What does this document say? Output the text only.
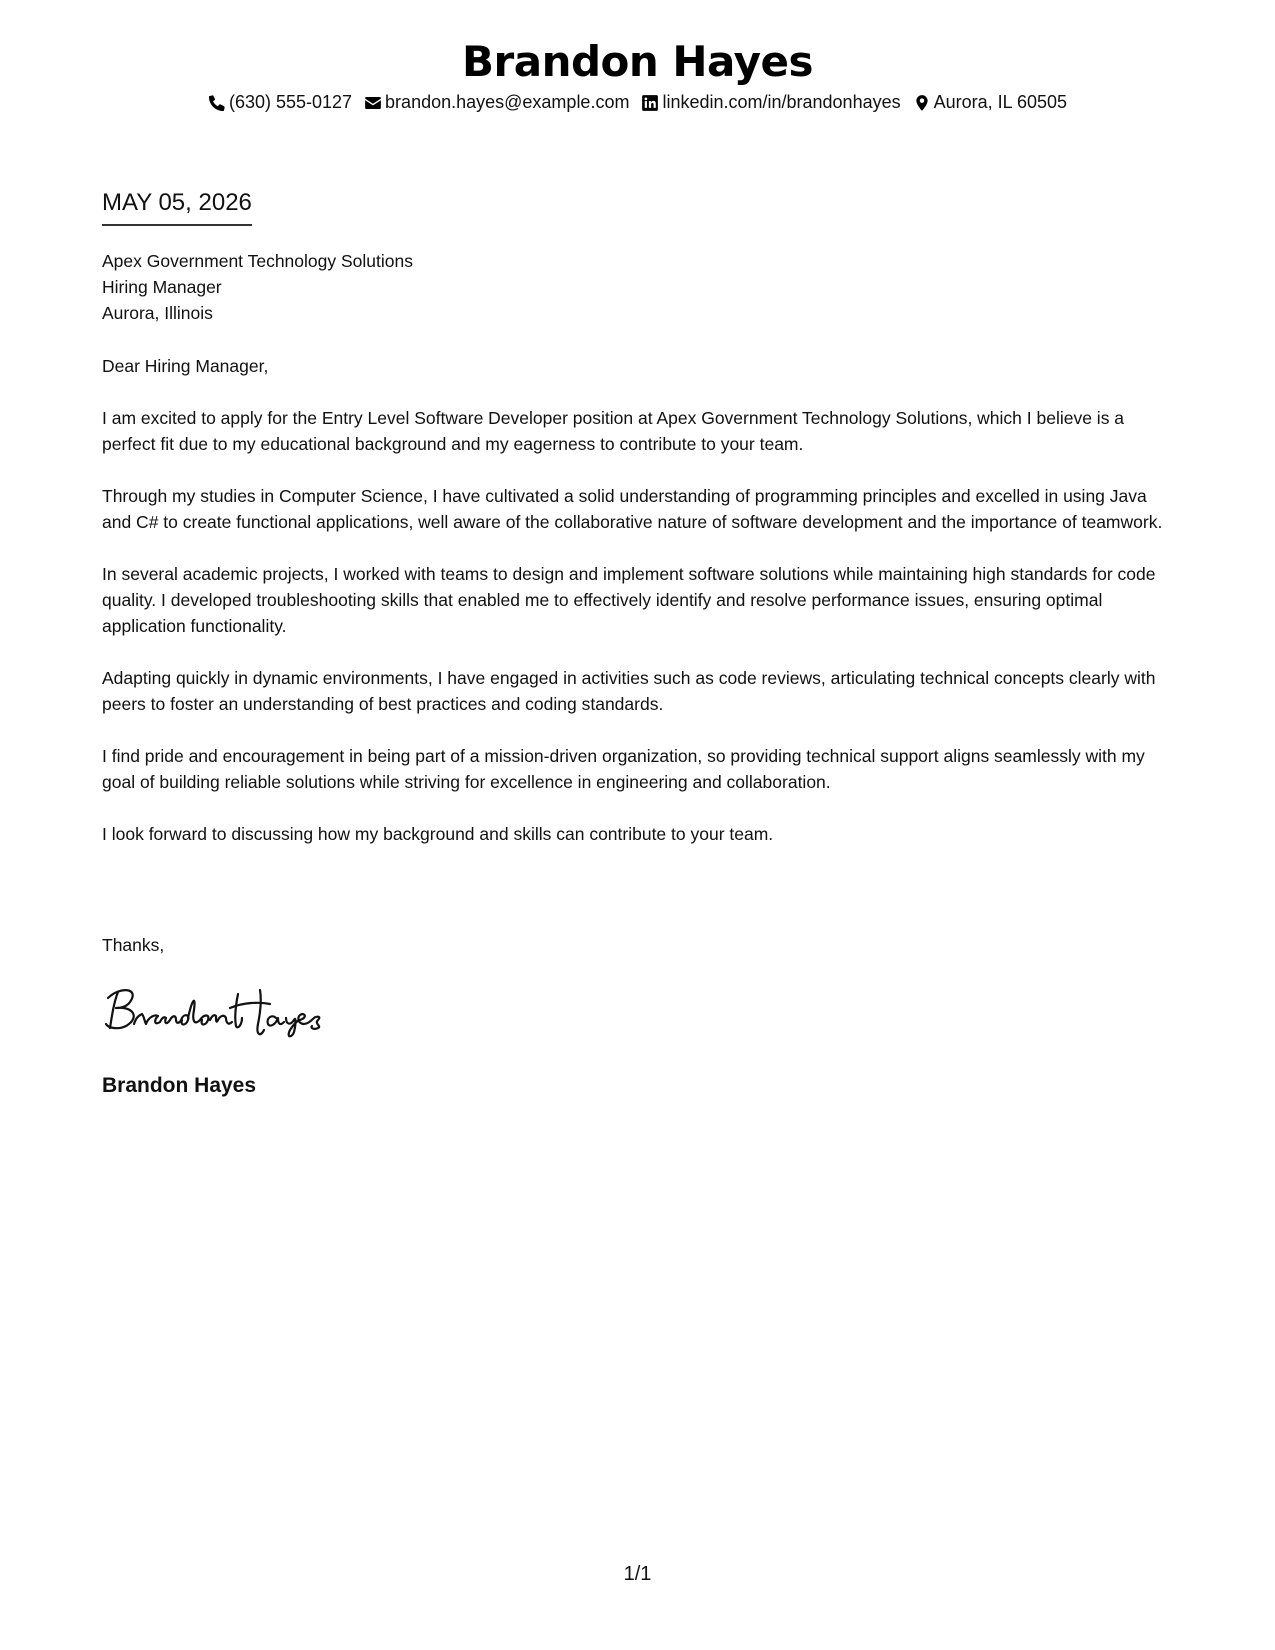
Brandon Hayes
(630) 555-0127 brandon.hayes@example.com linkedin.com/in/brandonhayes Aurora, IL 60505
MAY 05, 2026
Apex Government Technology Solutions
Hiring Manager
Aurora, Illinois

Dear Hiring Manager,

I am excited to apply for the Entry Level Software Developer position at Apex Government Technology Solutions, which I believe is a perfect fit due to my educational background and my eagerness to contribute to your team.

Through my studies in Computer Science, I have cultivated a solid understanding of programming principles and excelled in using Java and C# to create functional applications, well aware of the collaborative nature of software development and the importance of teamwork.

In several academic projects, I worked with teams to design and implement software solutions while maintaining high standards for code quality. I developed troubleshooting skills that enabled me to effectively identify and resolve performance issues, ensuring optimal application functionality.

Adapting quickly in dynamic environments, I have engaged in activities such as code reviews, articulating technical concepts clearly with peers to foster an understanding of best practices and coding standards.

I find pride and encouragement in being part of a mission-driven organization, so providing technical support aligns seamlessly with my goal of building reliable solutions while striving for excellence in engineering and collaboration.

I look forward to discussing how my background and skills can contribute to your team.

Thanks,
Brandon Hayes
1/1
